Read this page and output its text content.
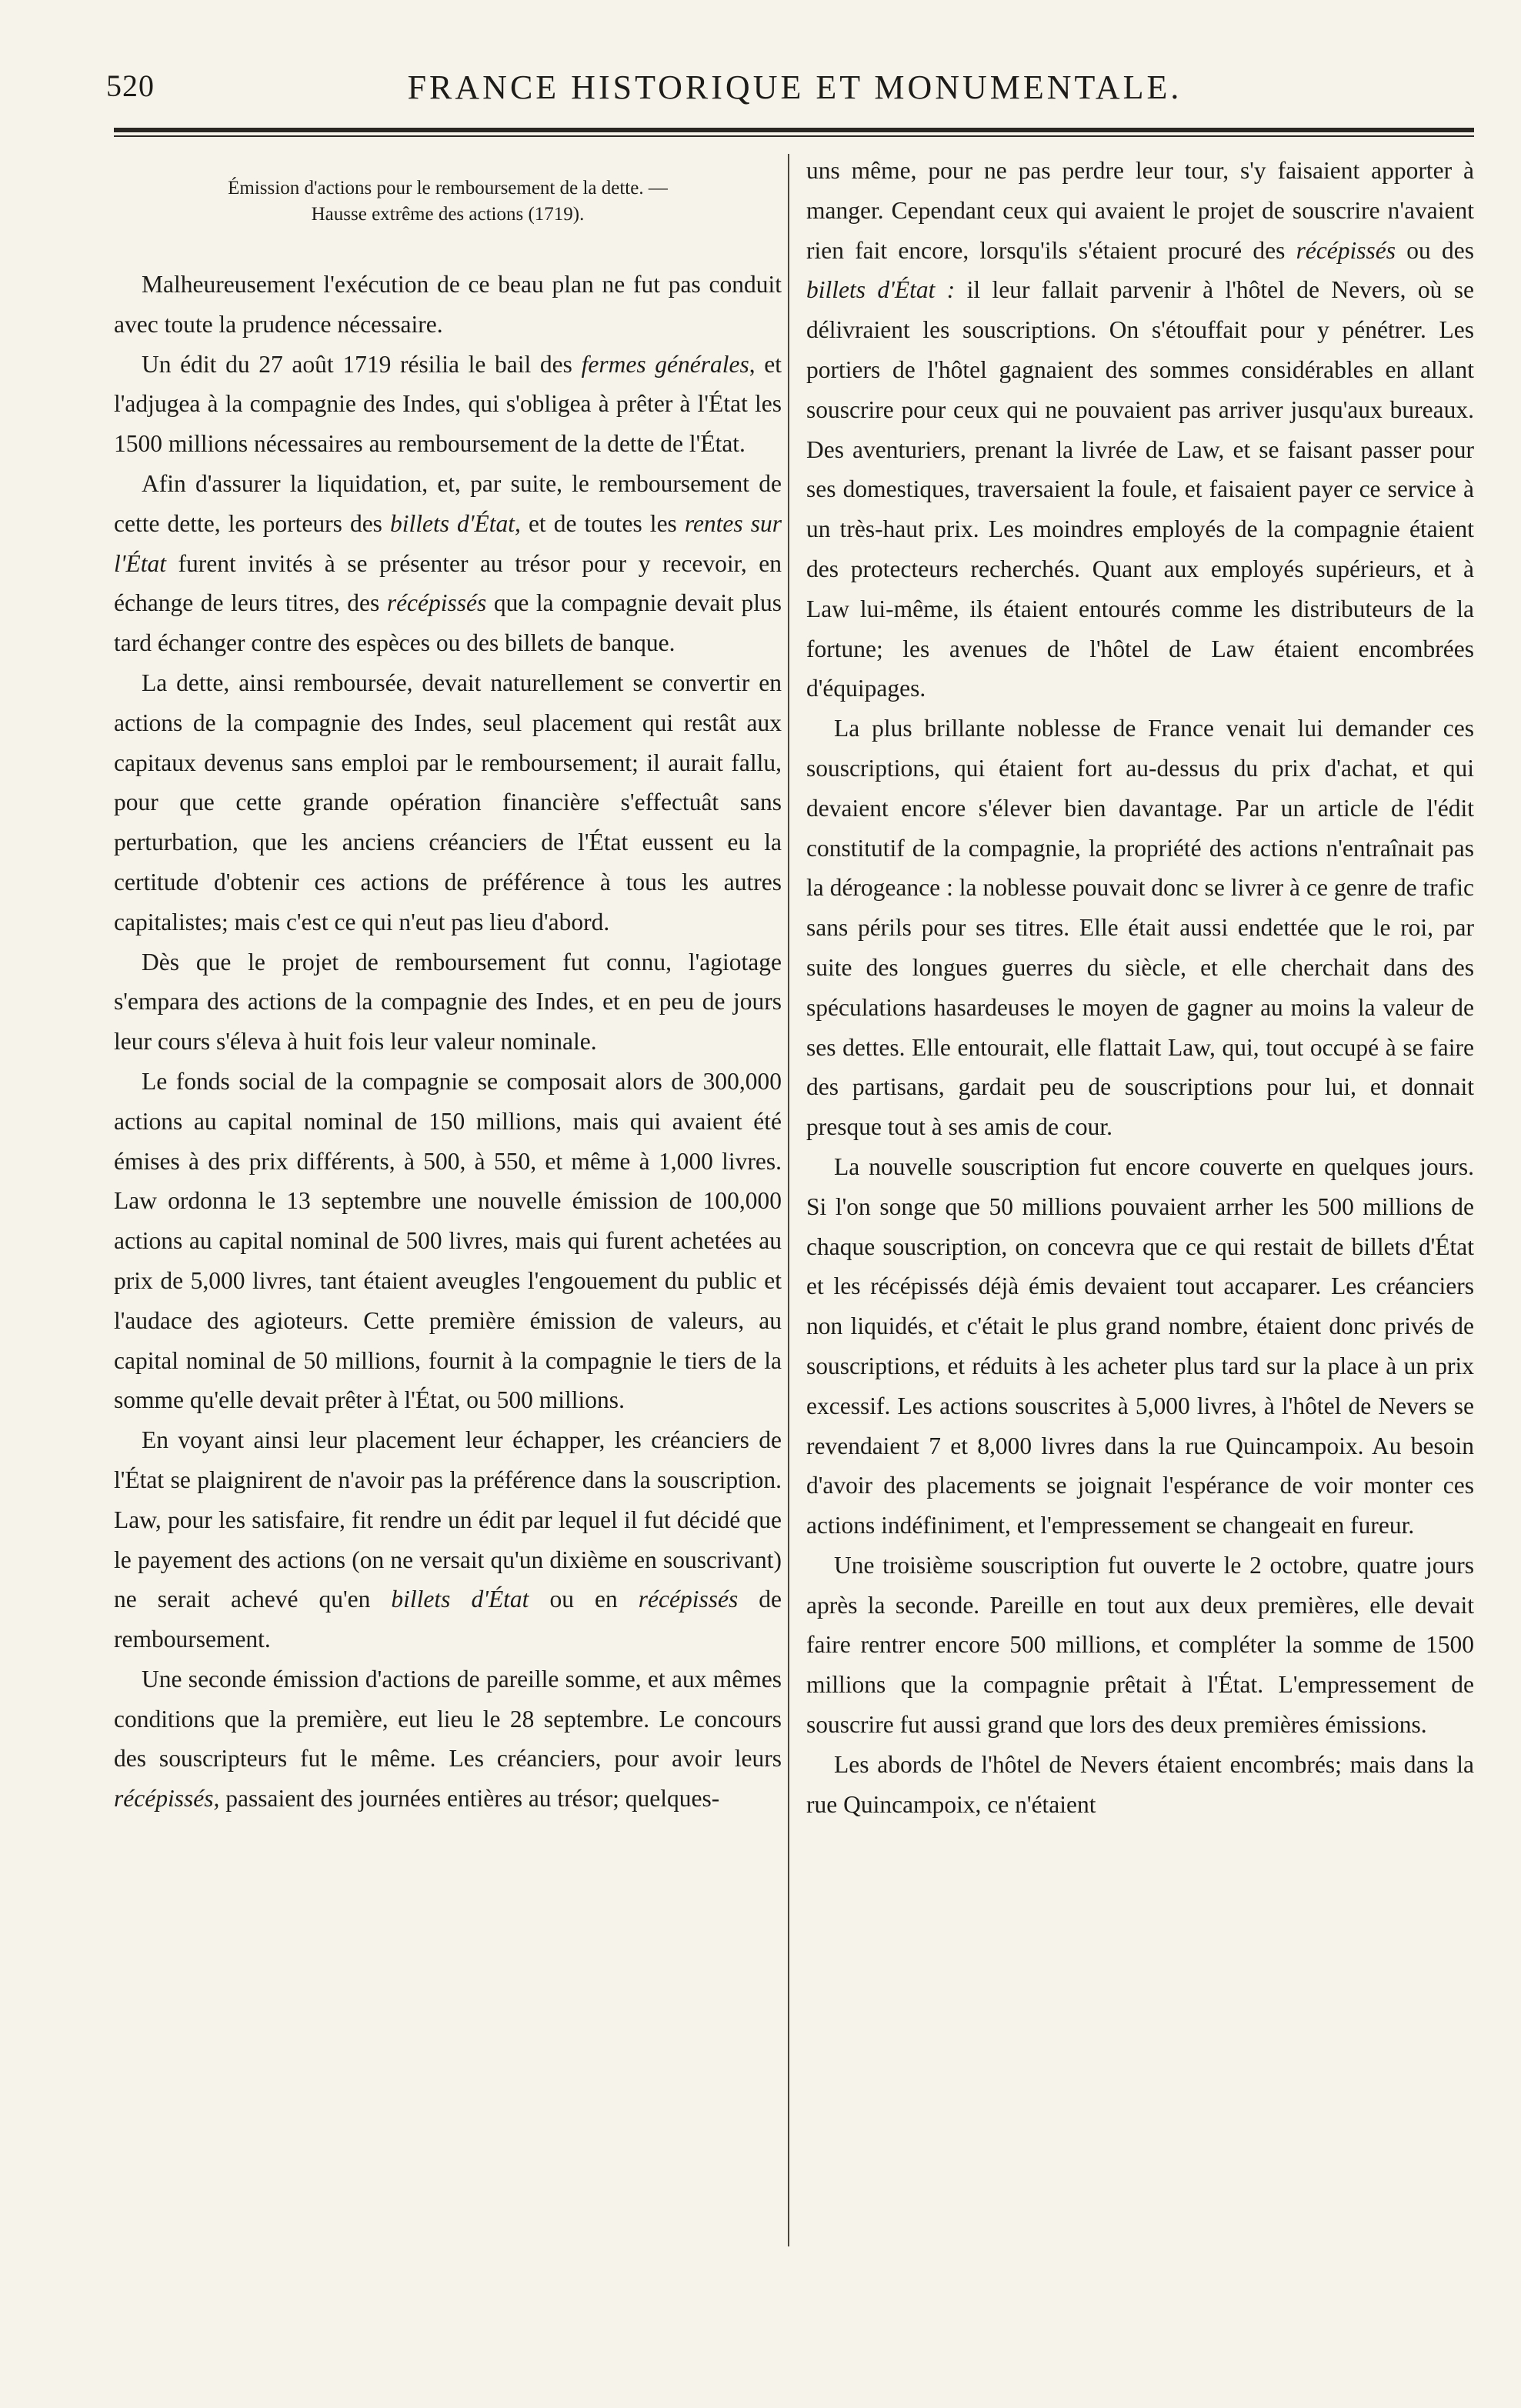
520	FRANCE HISTORIQUE ET MONUMENTALE.
Émission d'actions pour le remboursement de la dette. —
Hausse extrême des actions (1719).

Malheureusement l'exécution de ce beau plan ne fut pas conduit avec toute la prudence nécessaire.

Un édit du 27 août 1719 résilia le bail des fermes générales, et l'adjugea à la compagnie des Indes, qui s'obligea à prêter à l'État les 1500 millions nécessaires au remboursement de la dette de l'État.

Afin d'assurer la liquidation, et, par suite, le remboursement de cette dette, les porteurs des billets d'État, et de toutes les rentes sur l'État furent invités à se présenter au trésor pour y recevoir, en échange de leurs titres, des récépissés que la compagnie devait plus tard échanger contre des espèces ou des billets de banque.

La dette, ainsi remboursée, devait naturellement se convertir en actions de la compagnie des Indes, seul placement qui restât aux capitaux devenus sans emploi par le remboursement; il aurait fallu, pour que cette grande opération financière s'effectuât sans perturbation, que les anciens créanciers de l'État eussent eu la certitude d'obtenir ces actions de préférence à tous les autres capitalistes; mais c'est ce qui n'eut pas lieu d'abord.

Dès que le projet de remboursement fut connu, l'agiotage s'empara des actions de la compagnie des Indes, et en peu de jours leur cours s'éleva à huit fois leur valeur nominale.

Le fonds social de la compagnie se composait alors de 300,000 actions au capital nominal de 150 millions, mais qui avaient été émises à des prix différents, à 500, à 550, et même à 1,000 livres. Law ordonna le 13 septembre une nouvelle émission de 100,000 actions au capital nominal de 500 livres, mais qui furent achetées au prix de 5,000 livres, tant étaient aveugles l'engouement du public et l'audace des agioteurs. Cette première émission de valeurs, au capital nominal de 50 millions, fournit à la compagnie le tiers de la somme qu'elle devait prêter à l'État, ou 500 millions.

En voyant ainsi leur placement leur échapper, les créanciers de l'État se plaignirent de n'avoir pas la préférence dans la souscription. Law, pour les satisfaire, fit rendre un édit par lequel il fut décidé que le payement des actions (on ne versait qu'un dixième en souscrivant) ne serait achevé qu'en billets d'État ou en récépissés de remboursement.

Une seconde émission d'actions de pareille somme, et aux mêmes conditions que la première, eut lieu le 28 septembre. Le concours des souscripteurs fut le même. Les créanciers, pour avoir leurs récépissés, passaient des journées entières au trésor; quelques-

uns même, pour ne pas perdre leur tour, s'y faisaient apporter à manger. Cependant ceux qui avaient le projet de souscrire n'avaient rien fait encore, lorsqu'ils s'étaient procuré des récépissés ou des billets d'État : il leur fallait parvenir à l'hôtel de Nevers, où se délivraient les souscriptions. On s'étouffait pour y pénétrer. Les portiers de l'hôtel gagnaient des sommes considérables en allant souscrire pour ceux qui ne pouvaient pas arriver jusqu'aux bureaux. Des aventuriers, prenant la livrée de Law, et se faisant passer pour ses domestiques, traversaient la foule, et faisaient payer ce service à un très-haut prix. Les moindres employés de la compagnie étaient des protecteurs recherchés. Quant aux employés supérieurs, et à Law lui-même, ils étaient entourés comme les distributeurs de la fortune; les avenues de l'hôtel de Law étaient encombrées d'équipages.

La plus brillante noblesse de France venait lui demander ces souscriptions, qui étaient fort au-dessus du prix d'achat, et qui devaient encore s'élever bien davantage. Par un article de l'édit constitutif de la compagnie, la propriété des actions n'entraînait pas la dérogeance : la noblesse pouvait donc se livrer à ce genre de trafic sans périls pour ses titres. Elle était aussi endettée que le roi, par suite des longues guerres du siècle, et elle cherchait dans des spéculations hasardeuses le moyen de gagner au moins la valeur de ses dettes. Elle entourait, elle flattait Law, qui, tout occupé à se faire des partisans, gardait peu de souscriptions pour lui, et donnait presque tout à ses amis de cour.

La nouvelle souscription fut encore couverte en quelques jours. Si l'on songe que 50 millions pouvaient arrher les 500 millions de chaque souscription, on concevra que ce qui restait de billets d'État et les récépissés déjà émis devaient tout accaparer. Les créanciers non liquidés, et c'était le plus grand nombre, étaient donc privés de souscriptions, et réduits à les acheter plus tard sur la place à un prix excessif. Les actions souscrites à 5,000 livres, à l'hôtel de Nevers se revendaient 7 et 8,000 livres dans la rue Quincampoix. Au besoin d'avoir des placements se joignait l'espérance de voir monter ces actions indéfiniment, et l'empressement se changeait en fureur.

Une troisième souscription fut ouverte le 2 octobre, quatre jours après la seconde. Pareille en tout aux deux premières, elle devait faire rentrer encore 500 millions, et compléter la somme de 1500 millions que la compagnie prêtait à l'État. L'empressement de souscrire fut aussi grand que lors des deux premières émissions.

Les abords de l'hôtel de Nevers étaient encombrés; mais dans la rue Quincampoix, ce n'étaient
